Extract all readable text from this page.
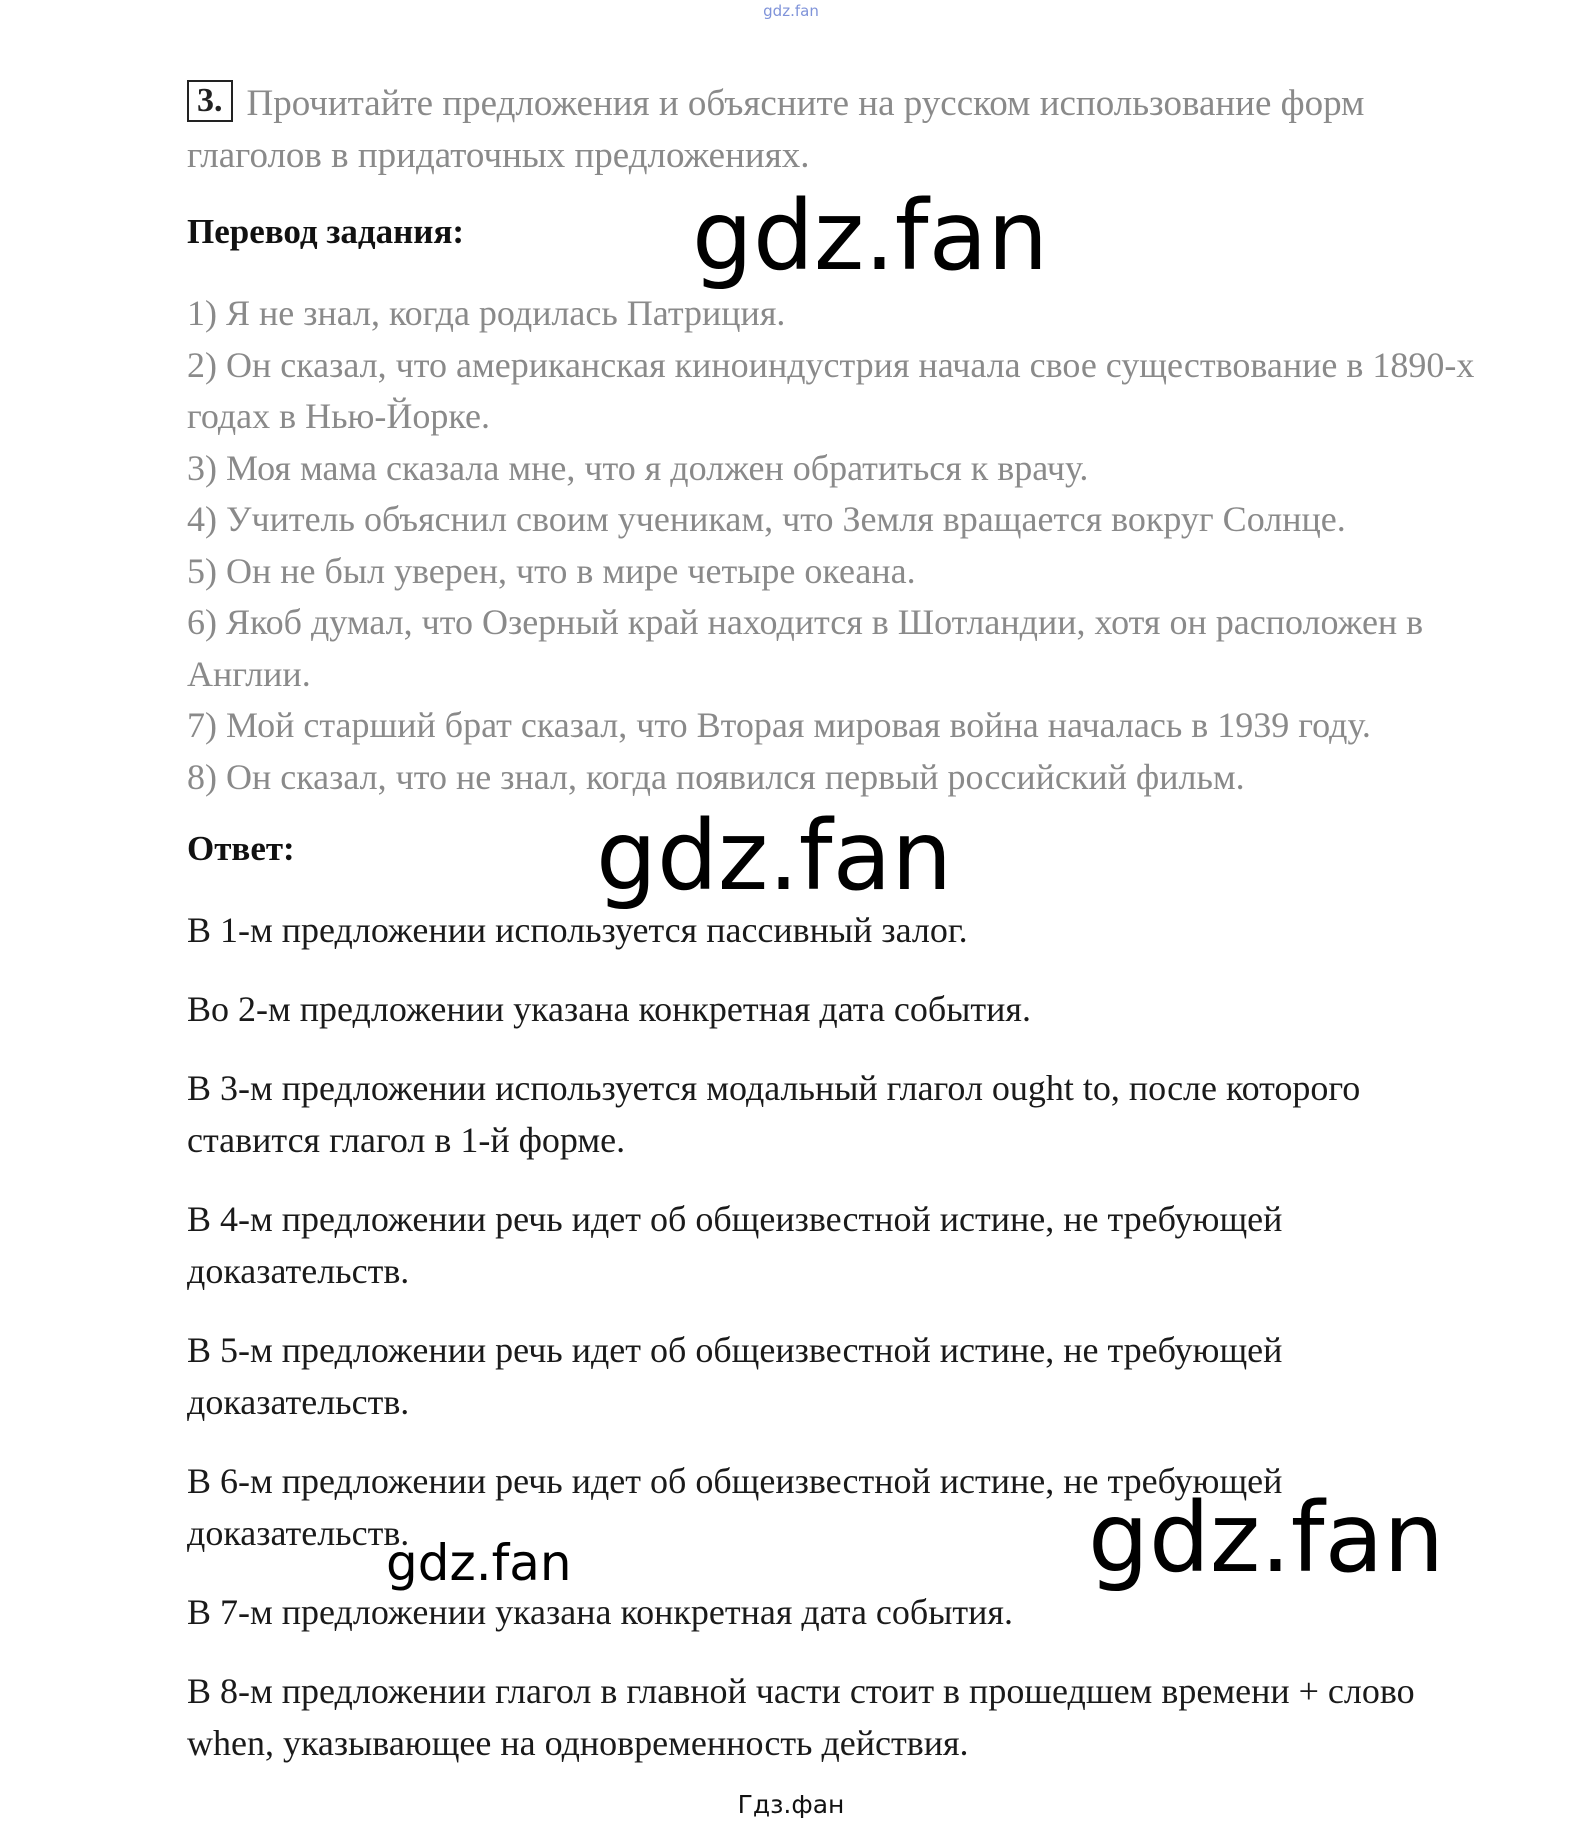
gdz.fan
3. Прочитайте предложения и объясните на русском использование форм глаголов в придаточных предложениях.
Перевод задания:
1) Я не знал, когда родилась Патриция.
2) Он сказал, что американская киноиндустрия начала свое существование в 1890-х годах в Нью-Йорке.
3) Моя мама сказала мне, что я должен обратиться к врачу.
4) Учитель объяснил своим ученикам, что Земля вращается вокруг Солнце.
5) Он не был уверен, что в мире четыре океана.
6) Якоб думал, что Озерный край находится в Шотландии, хотя он расположен в Англии.
7) Мой старший брат сказал, что Вторая мировая война началась в 1939 году.
8) Он сказал, что не знал, когда появился первый российский фильм.
Ответ:

В 1-м предложении используется пассивный залог.

Во 2-м предложении указана конкретная дата события.

В 3-м предложении используется модальный глагол ought to, после которого ставится глагол в 1-й форме.

В 4-м предложении речь идет об общеизвестной истине, не требующей доказательств.

В 5-м предложении речь идет об общеизвестной истине, не требующей доказательств.

В 6-м предложении речь идет об общеизвестной истине, не требующей доказательств.

В 7-м предложении указана конкретная дата события.

В 8-м предложении глагол в главной части стоит в прошедшем времени + слово when, указывающее на одновременность действия.

gdz.fan
gdz.fan
gdz.fan
gdz.fan
Гдз.фан
